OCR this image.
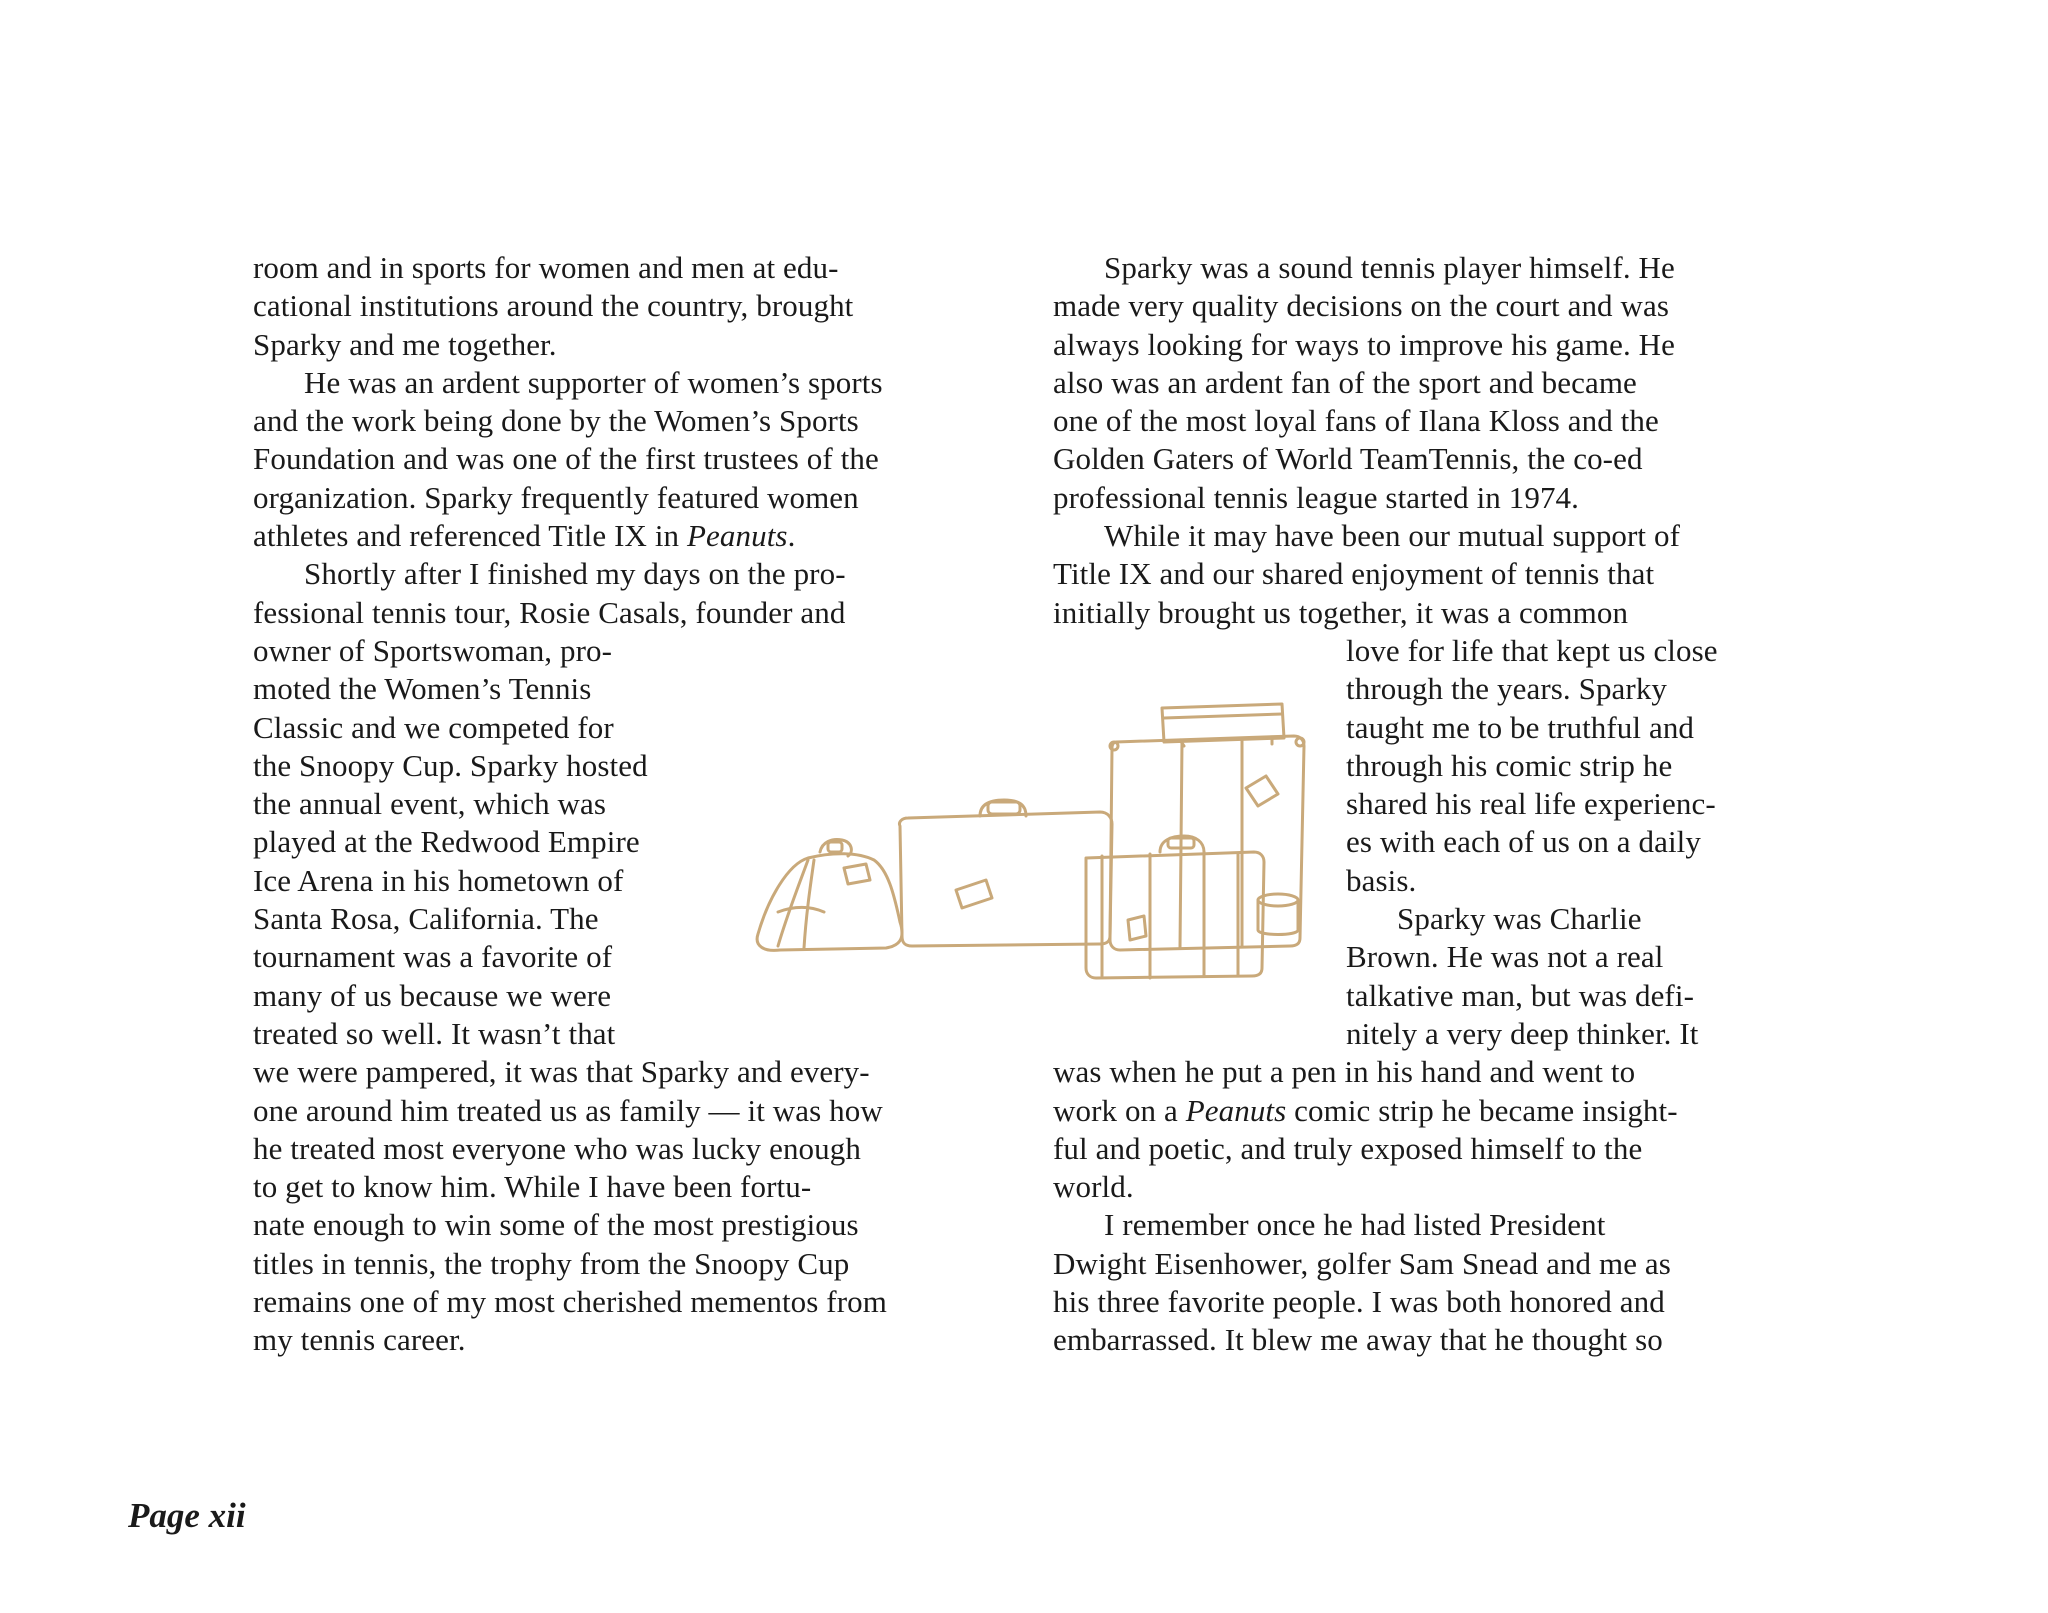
room and in sports for women and men at edu-
cational institutions around the country, brought
Sparky and me together.
He was an ardent supporter of women’s sports
and the work being done by the Women’s Sports
Foundation and was one of the first trustees of the
organization. Sparky frequently featured women
athletes and referenced Title IX in Peanuts.
Shortly after I finished my days on the pro-
fessional tennis tour, Rosie Casals, founder and
owner of Sportswoman, pro-
moted the Women’s Tennis
Classic and we competed for
the Snoopy Cup. Sparky hosted
the annual event, which was
played at the Redwood Empire
Ice Arena in his hometown of
Santa Rosa, California. The
tournament was a favorite of
many of us because we were
treated so well. It wasn’t that
we were pampered, it was that Sparky and every-
one around him treated us as family — it was how
he treated most everyone who was lucky enough
to get to know him. While I have been fortu-
nate enough to win some of the most prestigious
titles in tennis, the trophy from the Snoopy Cup
remains one of my most cherished mementos from
my tennis career.
Sparky was a sound tennis player himself. He
made very quality decisions on the court and was
always looking for ways to improve his game. He
also was an ardent fan of the sport and became
one of the most loyal fans of Ilana Kloss and the
Golden Gaters of World TeamTennis, the co-ed
professional tennis league started in 1974.
While it may have been our mutual support of
Title IX and our shared enjoyment of tennis that
initially brought us together, it was a common
love for life that kept us close
through the years. Sparky
taught me to be truthful and
through his comic strip he
shared his real life experienc-
es with each of us on a daily
basis.
Sparky was Charlie
Brown. He was not a real
talkative man, but was defi-
nitely a very deep thinker. It
was when he put a pen in his hand and went to
work on a Peanuts comic strip he became insight-
ful and poetic, and truly exposed himself to the
world.
I remember once he had listed President
Dwight Eisenhower, golfer Sam Snead and me as
his three favorite people. I was both honored and
embarrassed. It blew me away that he thought so
Page xii
